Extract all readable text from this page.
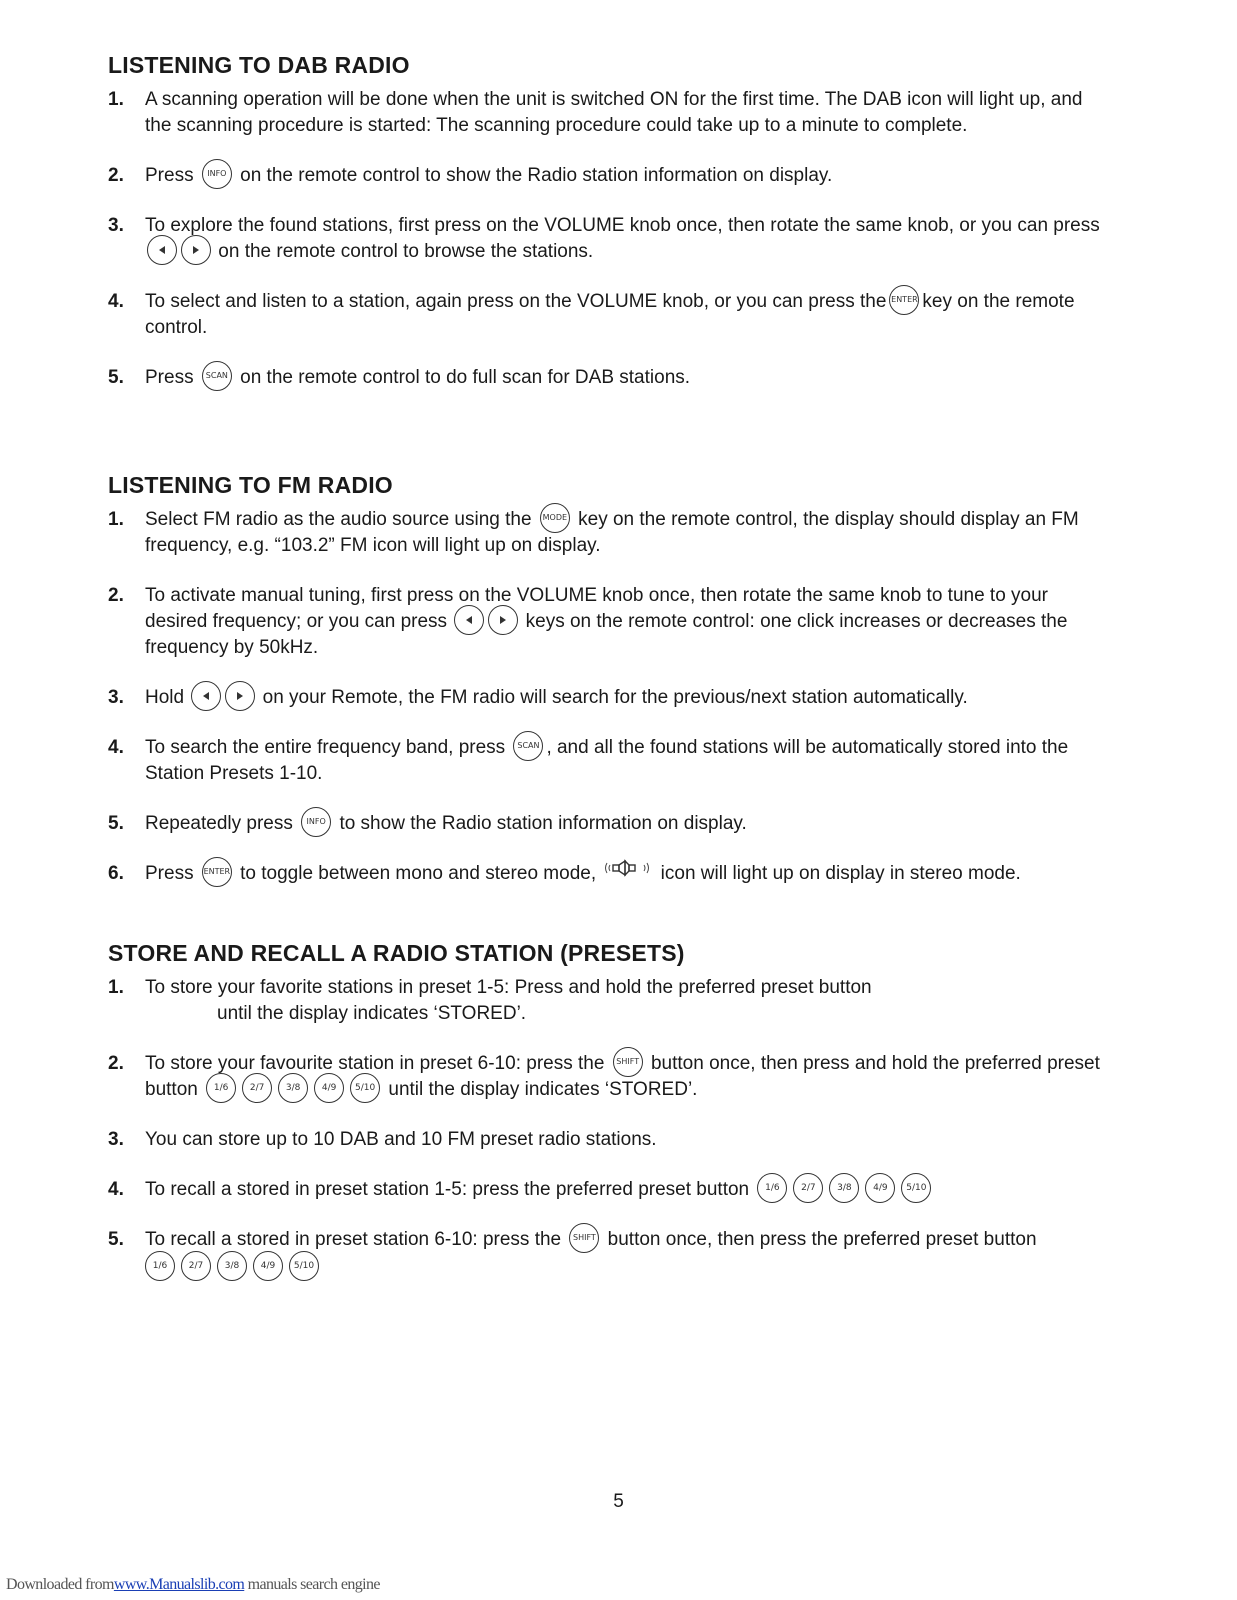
LISTENING TO DAB RADIO
1. A scanning operation will be done when the unit is switched ON for the first time. The DAB icon will light up, and the scanning procedure is started: The scanning procedure could take up to a minute to complete.
2. Press INFO on the remote control to show the Radio station information on display.
3. To explore the found stations, first press on the VOLUME knob once, then rotate the same knob, or you can press
on the remote control to browse the stations.
4. To select and listen to a station, again press on the VOLUME knob, or you can press the ENTER key on the remote control.
5. Press SCAN on the remote control to do full scan for DAB stations.
LISTENING TO FM RADIO
1. Select FM radio as the audio source using the MODE key on the remote control, the display should display an FM frequency, e.g. “103.2” FM icon will light up on display.
2. To activate manual tuning, first press on the VOLUME knob once, then rotate the same knob to tune to your desired frequency; or you can press	keys on the remote control: one click increases or decreases the frequency by 50kHz.
3. Hold	on your Remote, the FM radio will search for the previous/next station automatically.
4. To search the entire frequency band, press SCAN , and all the found stations will be automatically stored into the Station Presets 1-10.
5. Repeatedly press INFO to show the Radio station information on display.
6. Press ENTER to toggle between mono and stereo mode,	icon will light up on display in stereo mode.
STORE AND RECALL A RADIO STATION (PRESETS)
1. To store your favorite stations in preset 1-5: Press and hold the preferred preset button
until the display indicates ‘STORED’.
2. To store your favourite station in preset 6-10: press the SHIFT button once, then press and hold the preferred preset button 1/6 2/7 3/8 4/9 5/10 until the display indicates ‘STORED’.
3. You can store up to 10 DAB and 10 FM preset radio stations.
4. To recall a stored in preset station 1-5: press the preferred preset button 1/6 2/7 3/8 4/9 5/10
5. To recall a stored in preset station 6-10: press the SHIFT button once, then press the preferred preset button
1/6 2/7 3/8 4/9 5/10
5
Downloaded fromwww.Manualslib.com manuals search engine
